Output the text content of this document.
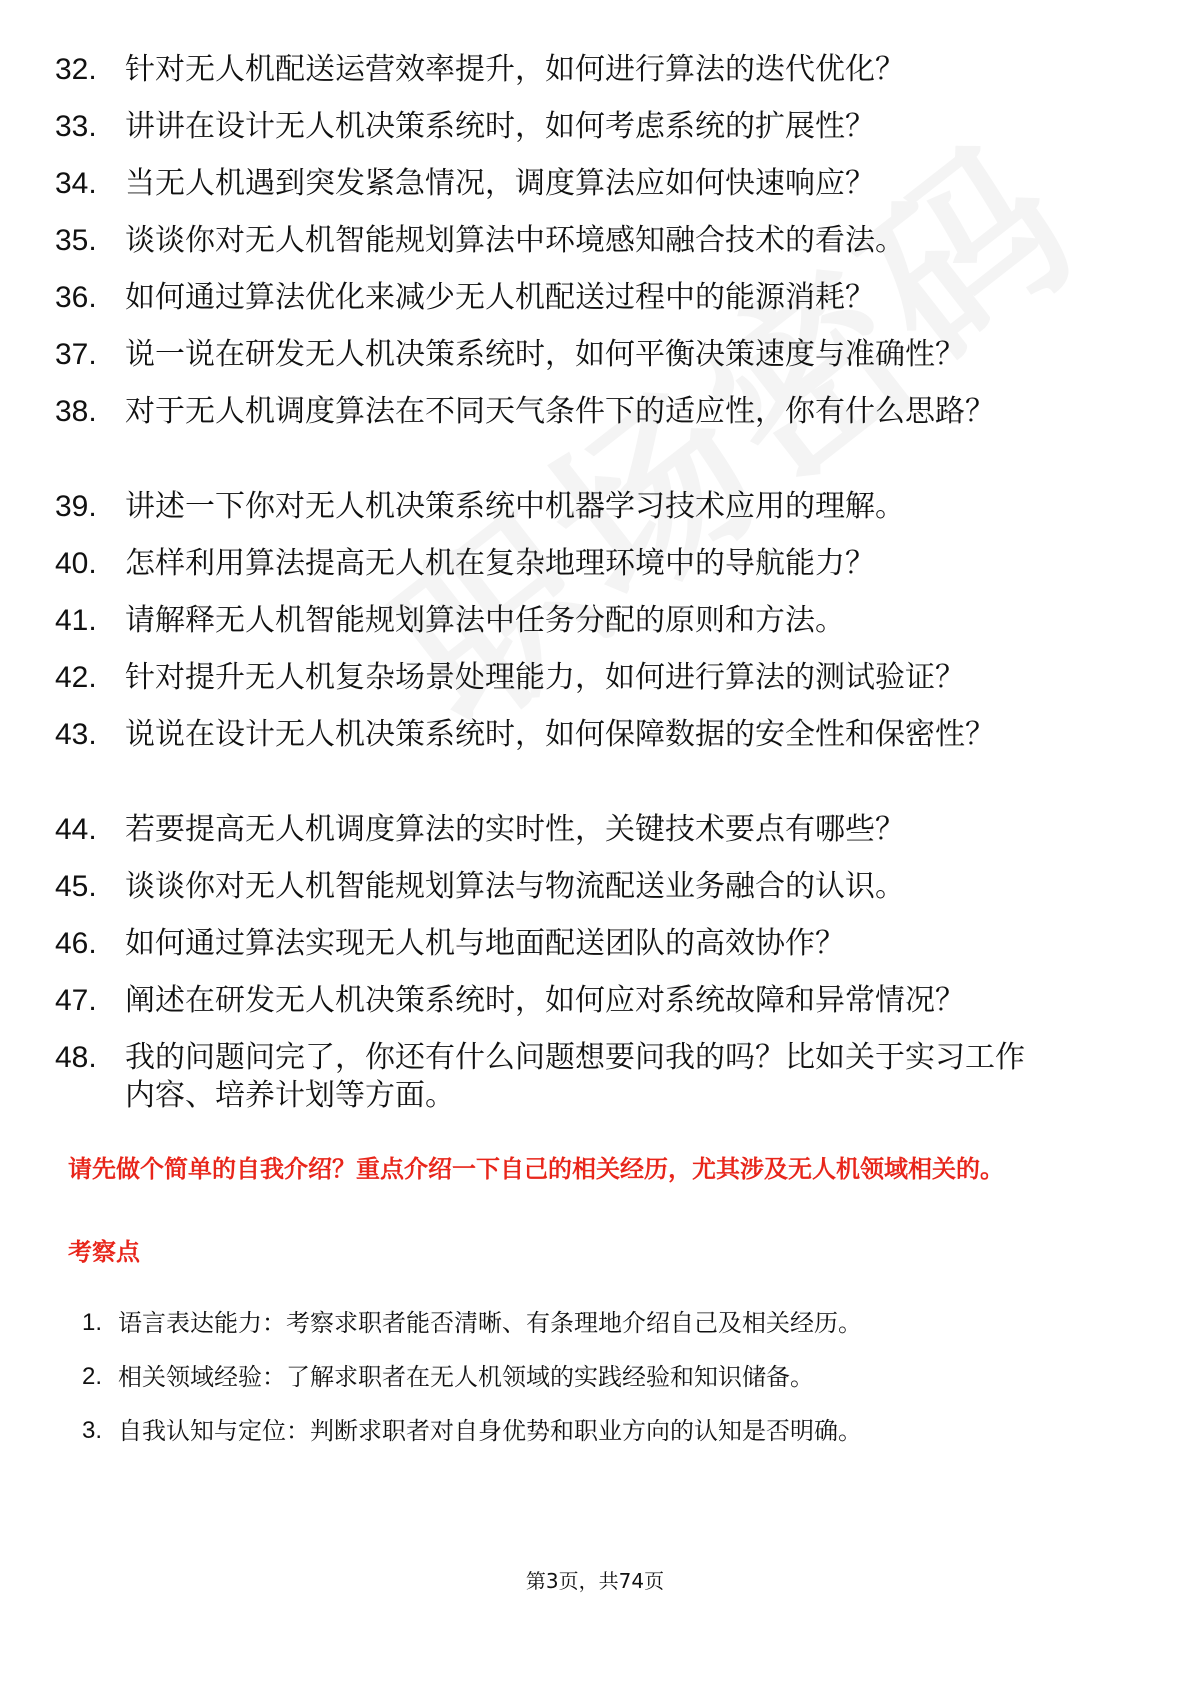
32. 针对无人机配送运营效率提升，如何进行算法的迭代优化？
33. 讲讲在设计无人机决策系统时，如何考虑系统的扩展性？
34. 当无人机遇到突发紧急情况，调度算法应如何快速响应？
35. 谈谈你对无人机智能规划算法中环境感知融合技术的看法。
36. 如何通过算法优化来减少无人机配送过程中的能源消耗？
37. 说一说在研发无人机决策系统时，如何平衡决策速度与准确性？
38. 对于无人机调度算法在不同天气条件下的适应性，你有什么思路？
39. 讲述一下你对无人机决策系统中机器学习技术应用的理解。
40. 怎样利用算法提高无人机在复杂地理环境中的导航能力？
41. 请解释无人机智能规划算法中任务分配的原则和方法。
42. 针对提升无人机复杂场景处理能力，如何进行算法的测试验证？
43. 说说在设计无人机决策系统时，如何保障数据的安全性和保密性？
44. 若要提高无人机调度算法的实时性，关键技术要点有哪些？
45. 谈谈你对无人机智能规划算法与物流配送业务融合的认识。
46. 如何通过算法实现无人机与地面配送团队的高效协作？
47. 阐述在研发无人机决策系统时，如何应对系统故障和异常情况？
48. 我的问题问完了，你还有什么问题想要问我的吗？比如关于实习工作内容、培养计划等方面。
请先做个简单的自我介绍？重点介绍一下自己的相关经历，尤其涉及无人机领域相关的。
考察点
1. 语言表达能力：考察求职者能否清晰、有条理地介绍自己及相关经历。
2. 相关领域经验：了解求职者在无人机领域的实践经验和知识储备。
3. 自我认知与定位：判断求职者对自身优势和职业方向的认知是否明确。
第3页，共74页
